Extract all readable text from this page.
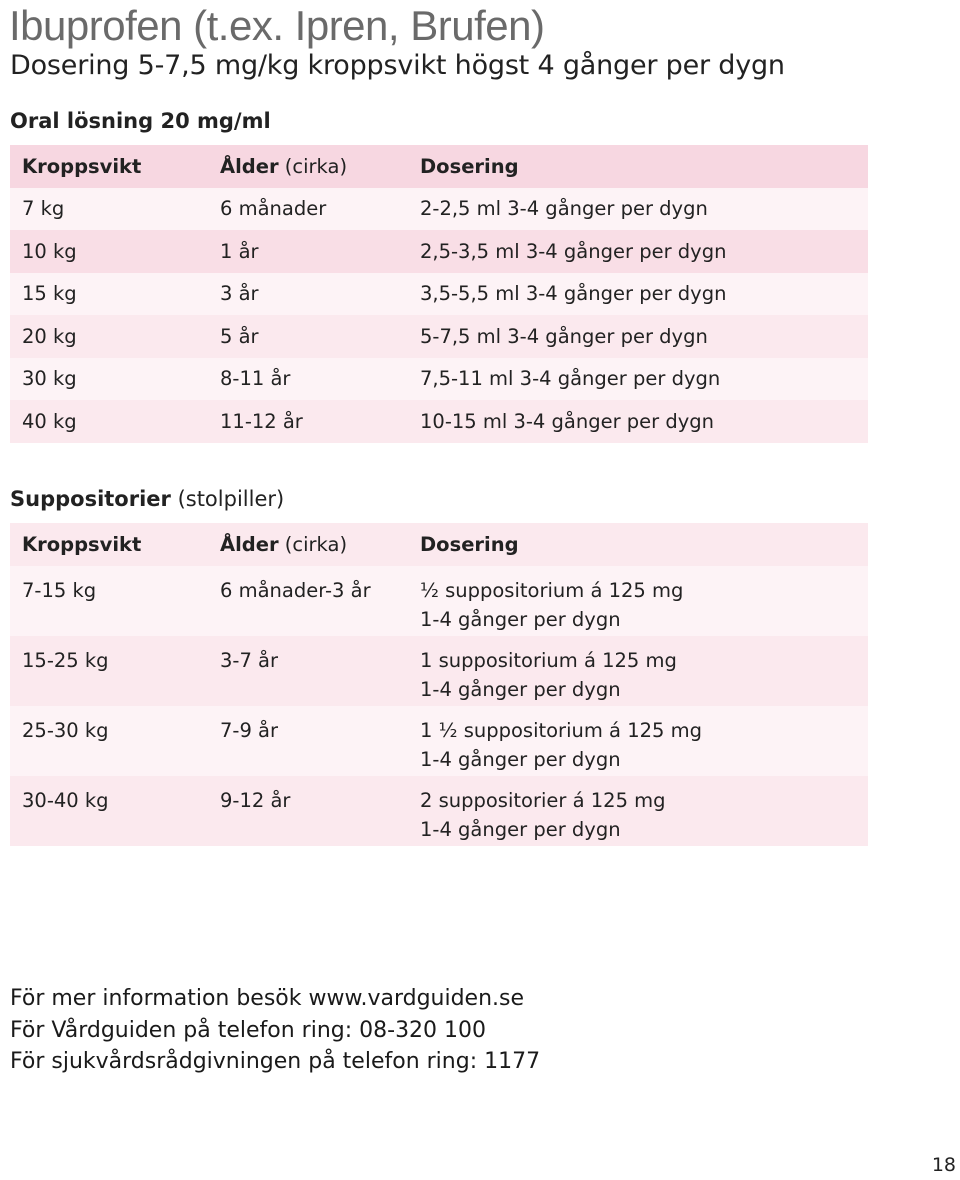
Ibuprofen (t.ex. Ipren, Brufen)
Dosering 5-7,5 mg/kg kroppsvikt högst 4 gånger per dygn
Oral lösning 20 mg/ml
Kroppsvikt	Ålder (cirka)	Dosering
7 kg	6 månader	2-2,5 ml 3-4 gånger per dygn
10 kg	1 år	2,5-3,5 ml 3-4 gånger per dygn
15 kg	3 år	3,5-5,5 ml 3-4 gånger per dygn
20 kg	5 år	5-7,5 ml 3-4 gånger per dygn
30 kg	8-11 år	7,5-11 ml 3-4 gånger per dygn
40 kg	11-12 år	10-15 ml 3-4 gånger per dygn
Suppositorier (stolpiller)
Kroppsvikt	Ålder (cirka)	Dosering
7-15 kg	6 månader-3 år	½ suppositorium á 125 mg
1-4 gånger per dygn

15-25 kg	3-7 år	1 suppositorium á 125 mg
1-4 gånger per dygn

25-30 kg	7-9 år	1 ½ suppositorium á 125 mg
1-4 gånger per dygn

30-40 kg	9-12 år	2 suppositorier á 125 mg
1-4 gånger per dygn
För mer information besök www.vardguiden.se
För Vårdguiden på telefon ring: 08-320 100
För sjukvårdsrådgivningen på telefon ring: 1177
18
